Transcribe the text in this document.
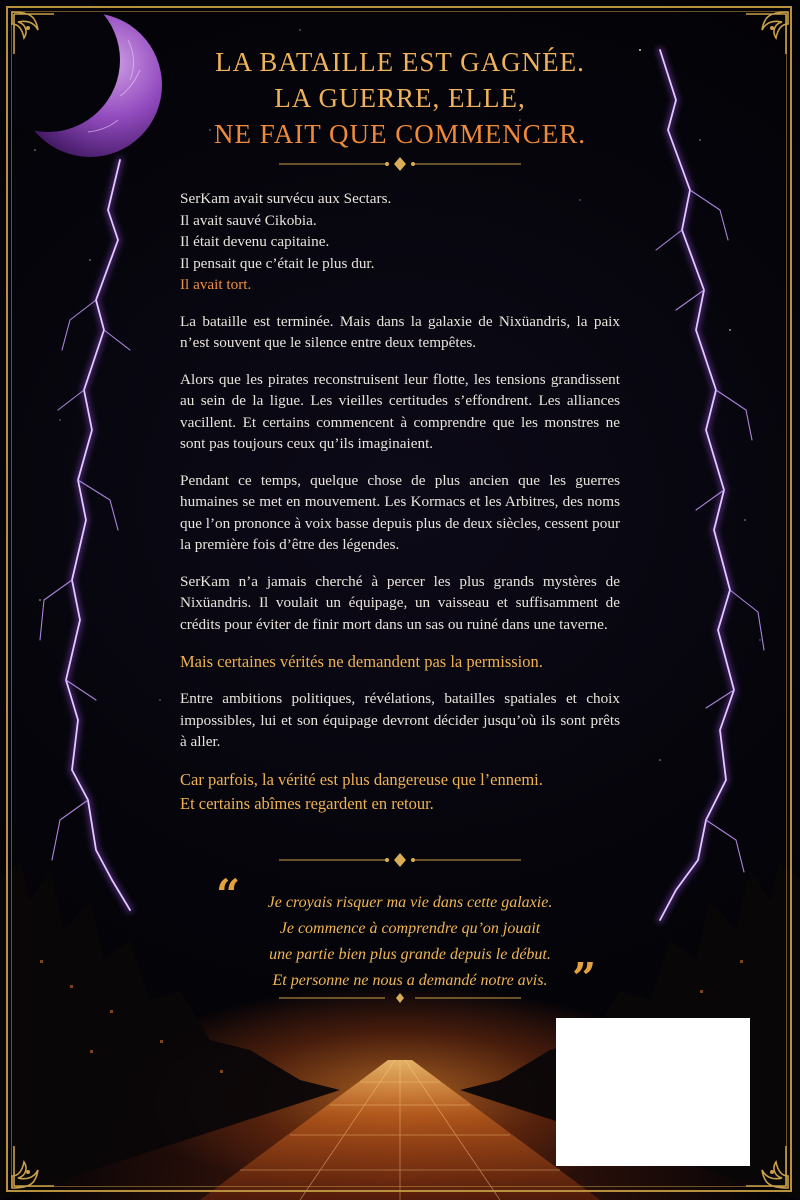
LA BATAILLE EST GAGNÉE.
LA GUERRE, ELLE,
NE FAIT QUE COMMENCER.

SerKam avait survécu aux Sectars.
Il avait sauvé Cikobia.
Il était devenu capitaine.
Il pensait que c’était le plus dur.
Il avait tort.

La bataille est terminée. Mais dans la galaxie de Nixüandris, la paix n’est souvent que le silence entre deux tempêtes.

Alors que les pirates reconstruisent leur flotte, les tensions grandissent au sein de la ligue. Les vieilles certitudes s’effondrent. Les alliances vacillent. Et certains commencent à comprendre que les monstres ne sont pas toujours ceux qu’ils imaginaient.

Pendant ce temps, quelque chose de plus ancien que les guerres humaines se met en mouvement. Les Kormacs et les Arbitres, des noms que l’on prononce à voix basse depuis plus de deux siècles, cessent pour la première fois d’être des légendes.

SerKam n’a jamais cherché à percer les plus grands mystères de Nixüandris. Il voulait un équipage, un vaisseau et suffisamment de crédits pour éviter de finir mort dans un sas ou ruiné dans une taverne.

Mais certaines vérités ne demandent pas la permission.

Entre ambitions politiques, révélations, batailles spatiales et choix impossibles, lui et son équipage devront décider jusqu’où ils sont prêts à aller.

Car parfois, la vérité est plus dangereuse que l’ennemi.
Et certains abîmes regardent en retour.

“	Je croyais risquer ma vie dans cette galaxie.
Je commence à comprendre qu’on jouait
une partie bien plus grande depuis le début.
Et personne ne nous a demandé notre avis. ”
